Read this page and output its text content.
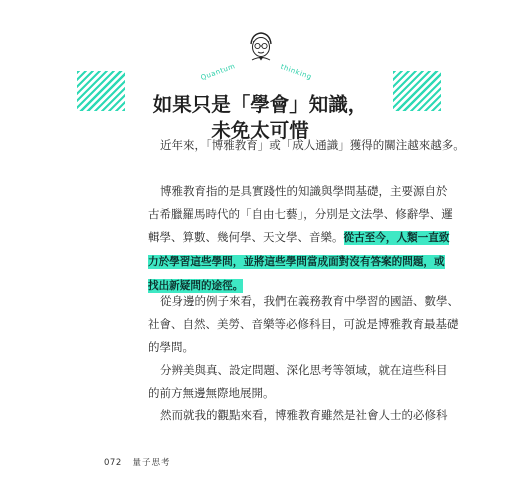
Quantum	thinking
如果只是「學會」知識，
未免太可惜
近年來，「博雅教育」或「成人通識」獲得的關注越來越多。
博雅教育指的是具實踐性的知識與學問基礎，主要源自於
古希臘羅馬時代的「自由七藝」，分別是文法學、修辭學、邏
輯學、算數、幾何學、天文學、音樂。從古至今，人類一直致
力於學習這些學問，並將這些學問當成面對沒有答案的問題，或
找出新疑問的途徑。
從身邊的例子來看，我們在義務教育中學習的國語、數學、
社會、自然、美勞、音樂等必修科目，可說是博雅教育最基礎
的學問。
分辨美與真、設定問題、深化思考等領域，就在這些科目
的前方無邊無際地展開。
然而就我的觀點來看，博雅教育雖然是社會人士的必修科
072 量子思考
